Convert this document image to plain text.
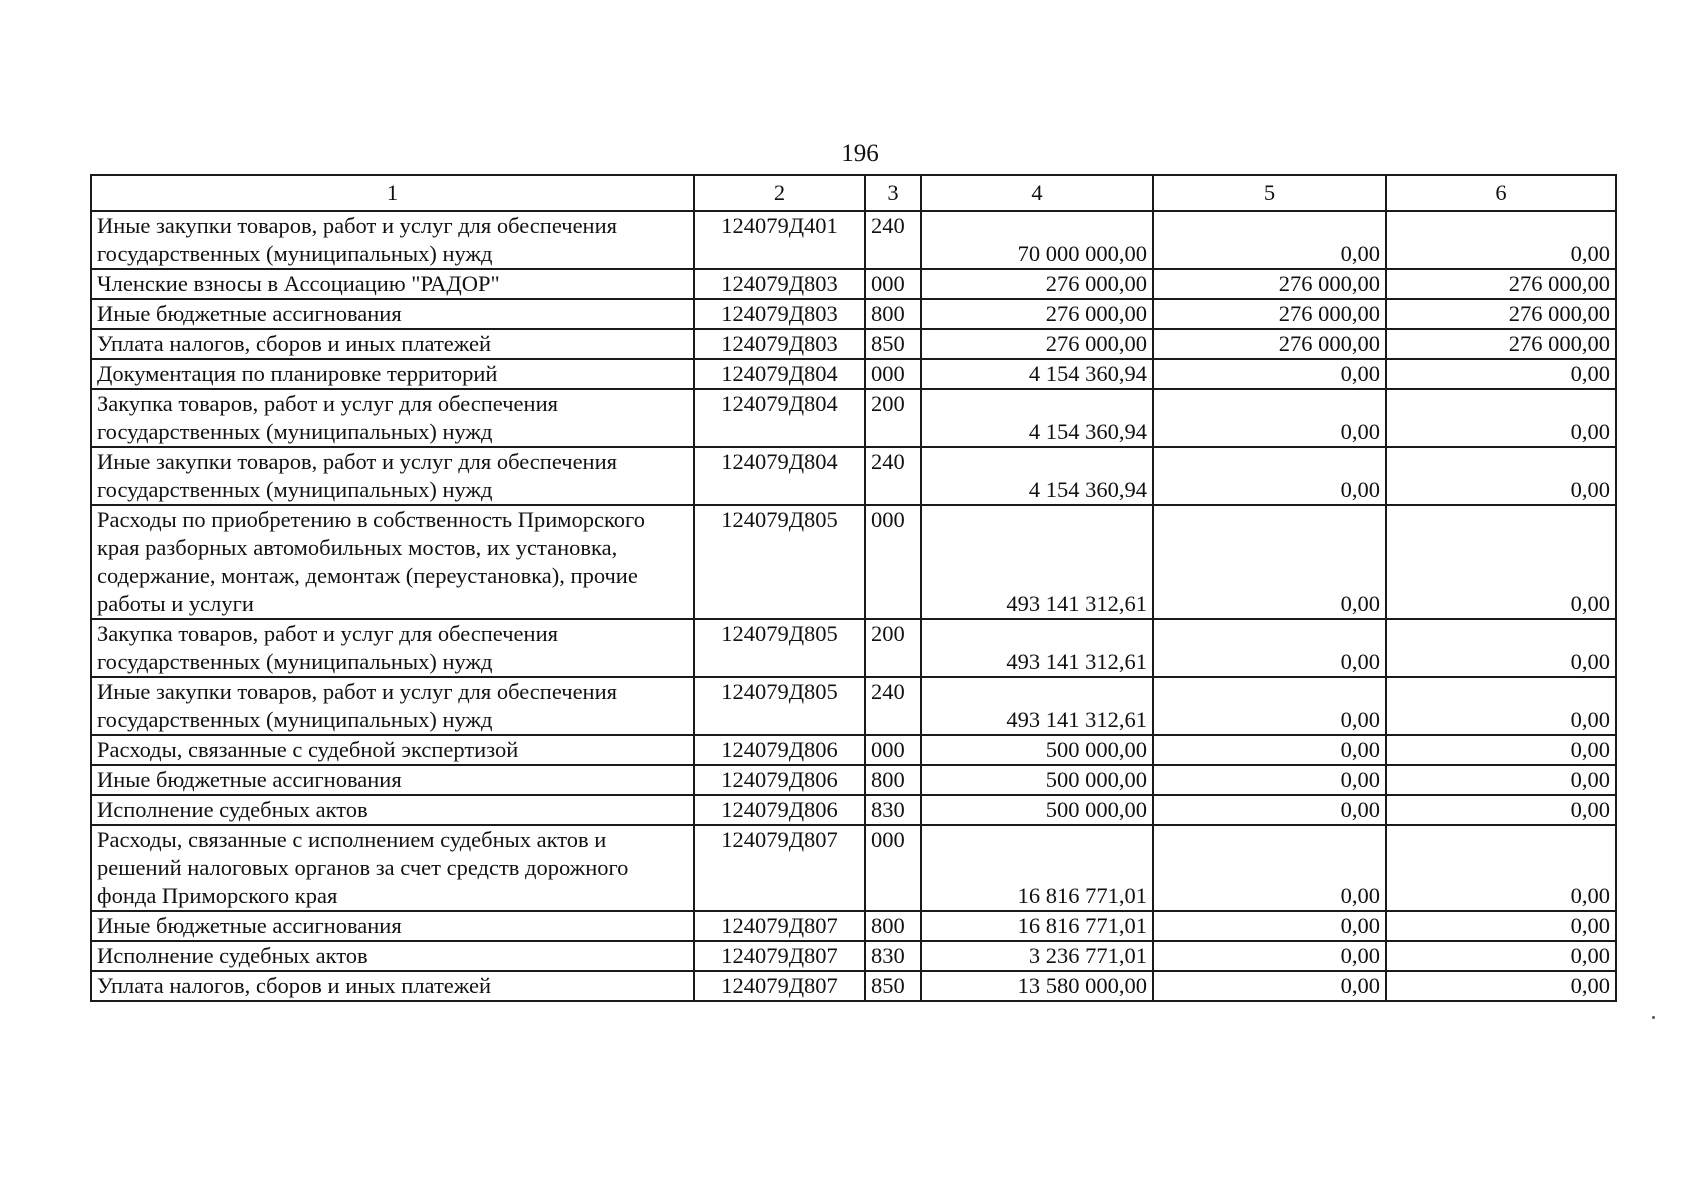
196
1	2	3	4	5	6
Иные закупки товаров, работ и услуг для обеспечения государственных (муниципальных) нужд	124079Д401	240	70 000 000,00	0,00	0,00
Членские взносы в Ассоциацию "РАДОР"	124079Д803	000	276 000,00	276 000,00	276 000,00
Иные бюджетные ассигнования	124079Д803	800	276 000,00	276 000,00	276 000,00
Уплата налогов, сборов и иных платежей	124079Д803	850	276 000,00	276 000,00	276 000,00
Документация по планировке территорий	124079Д804	000	4 154 360,94	0,00	0,00
Закупка товаров, работ и услуг для обеспечения государственных (муниципальных) нужд	124079Д804	200	4 154 360,94	0,00	0,00
Иные закупки товаров, работ и услуг для обеспечения государственных (муниципальных) нужд	124079Д804	240	4 154 360,94	0,00	0,00
Расходы по приобретению в собственность Приморского края разборных автомобильных мостов, их установка, содержание, монтаж, демонтаж (переустановка), прочие работы и услуги	124079Д805	000	493 141 312,61	0,00	0,00
Закупка товаров, работ и услуг для обеспечения государственных (муниципальных) нужд	124079Д805	200	493 141 312,61	0,00	0,00
Иные закупки товаров, работ и услуг для обеспечения государственных (муниципальных) нужд	124079Д805	240	493 141 312,61	0,00	0,00
Расходы, связанные с судебной экспертизой	124079Д806	000	500 000,00	0,00	0,00
Иные бюджетные ассигнования	124079Д806	800	500 000,00	0,00	0,00
Исполнение судебных актов	124079Д806	830	500 000,00	0,00	0,00
Расходы, связанные с исполнением судебных актов и решений налоговых органов за счет средств дорожного фонда Приморского края	124079Д807	000	16 816 771,01	0,00	0,00
Иные бюджетные ассигнования	124079Д807	800	16 816 771,01	0,00	0,00
Исполнение судебных актов	124079Д807	830	3 236 771,01	0,00	0,00
Уплата налогов, сборов и иных платежей	124079Д807	850	13 580 000,00	0,00	0,00
